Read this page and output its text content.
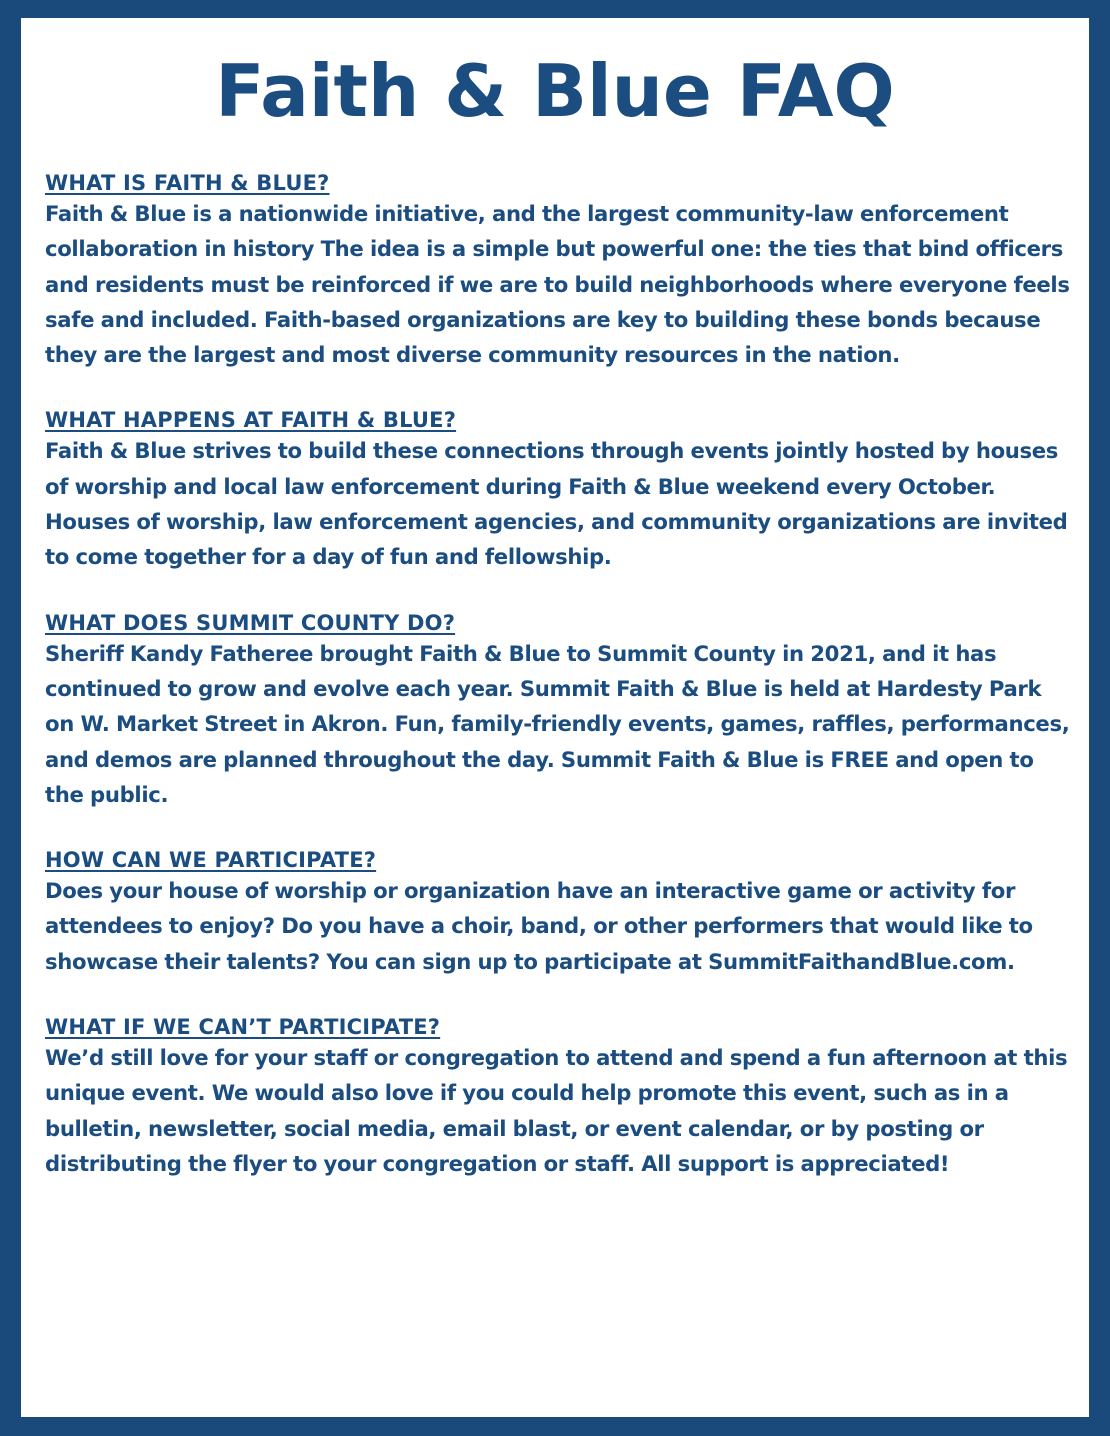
Faith & Blue FAQ

WHAT IS FAITH & BLUE?

Faith & Blue is a nationwide initiative, and the largest community-law enforcement collaboration in history The idea is a simple but powerful one: the ties that bind officers and residents must be reinforced if we are to build neighborhoods where everyone feels safe and included. Faith-based organizations are key to building these bonds because they are the largest and most diverse community resources in the nation.

WHAT HAPPENS AT FAITH & BLUE?

Faith & Blue strives to build these connections through events jointly hosted by houses of worship and local law enforcement during Faith & Blue weekend every October. Houses of worship, law enforcement agencies, and community organizations are invited to come together for a day of fun and fellowship.

WHAT DOES SUMMIT COUNTY DO?

Sheriff Kandy Fatheree brought Faith & Blue to Summit County in 2021, and it has continued to grow and evolve each year. Summit Faith & Blue is held at Hardesty Park on W. Market Street in Akron. Fun, family-friendly events, games, raffles, performances, and demos are planned throughout the day. Summit Faith & Blue is FREE and open to the public.

HOW CAN WE PARTICIPATE?

Does your house of worship or organization have an interactive game or activity for attendees to enjoy? Do you have a choir, band, or other performers that would like to showcase their talents? You can sign up to participate at SummitFaithandBlue.com.

WHAT IF WE CAN’T PARTICIPATE?

We’d still love for your staff or congregation to attend and spend a fun afternoon at this unique event. We would also love if you could help promote this event, such as in a bulletin, newsletter, social media, email blast, or event calendar, or by posting or distributing the flyer to your congregation or staff. All support is appreciated!
